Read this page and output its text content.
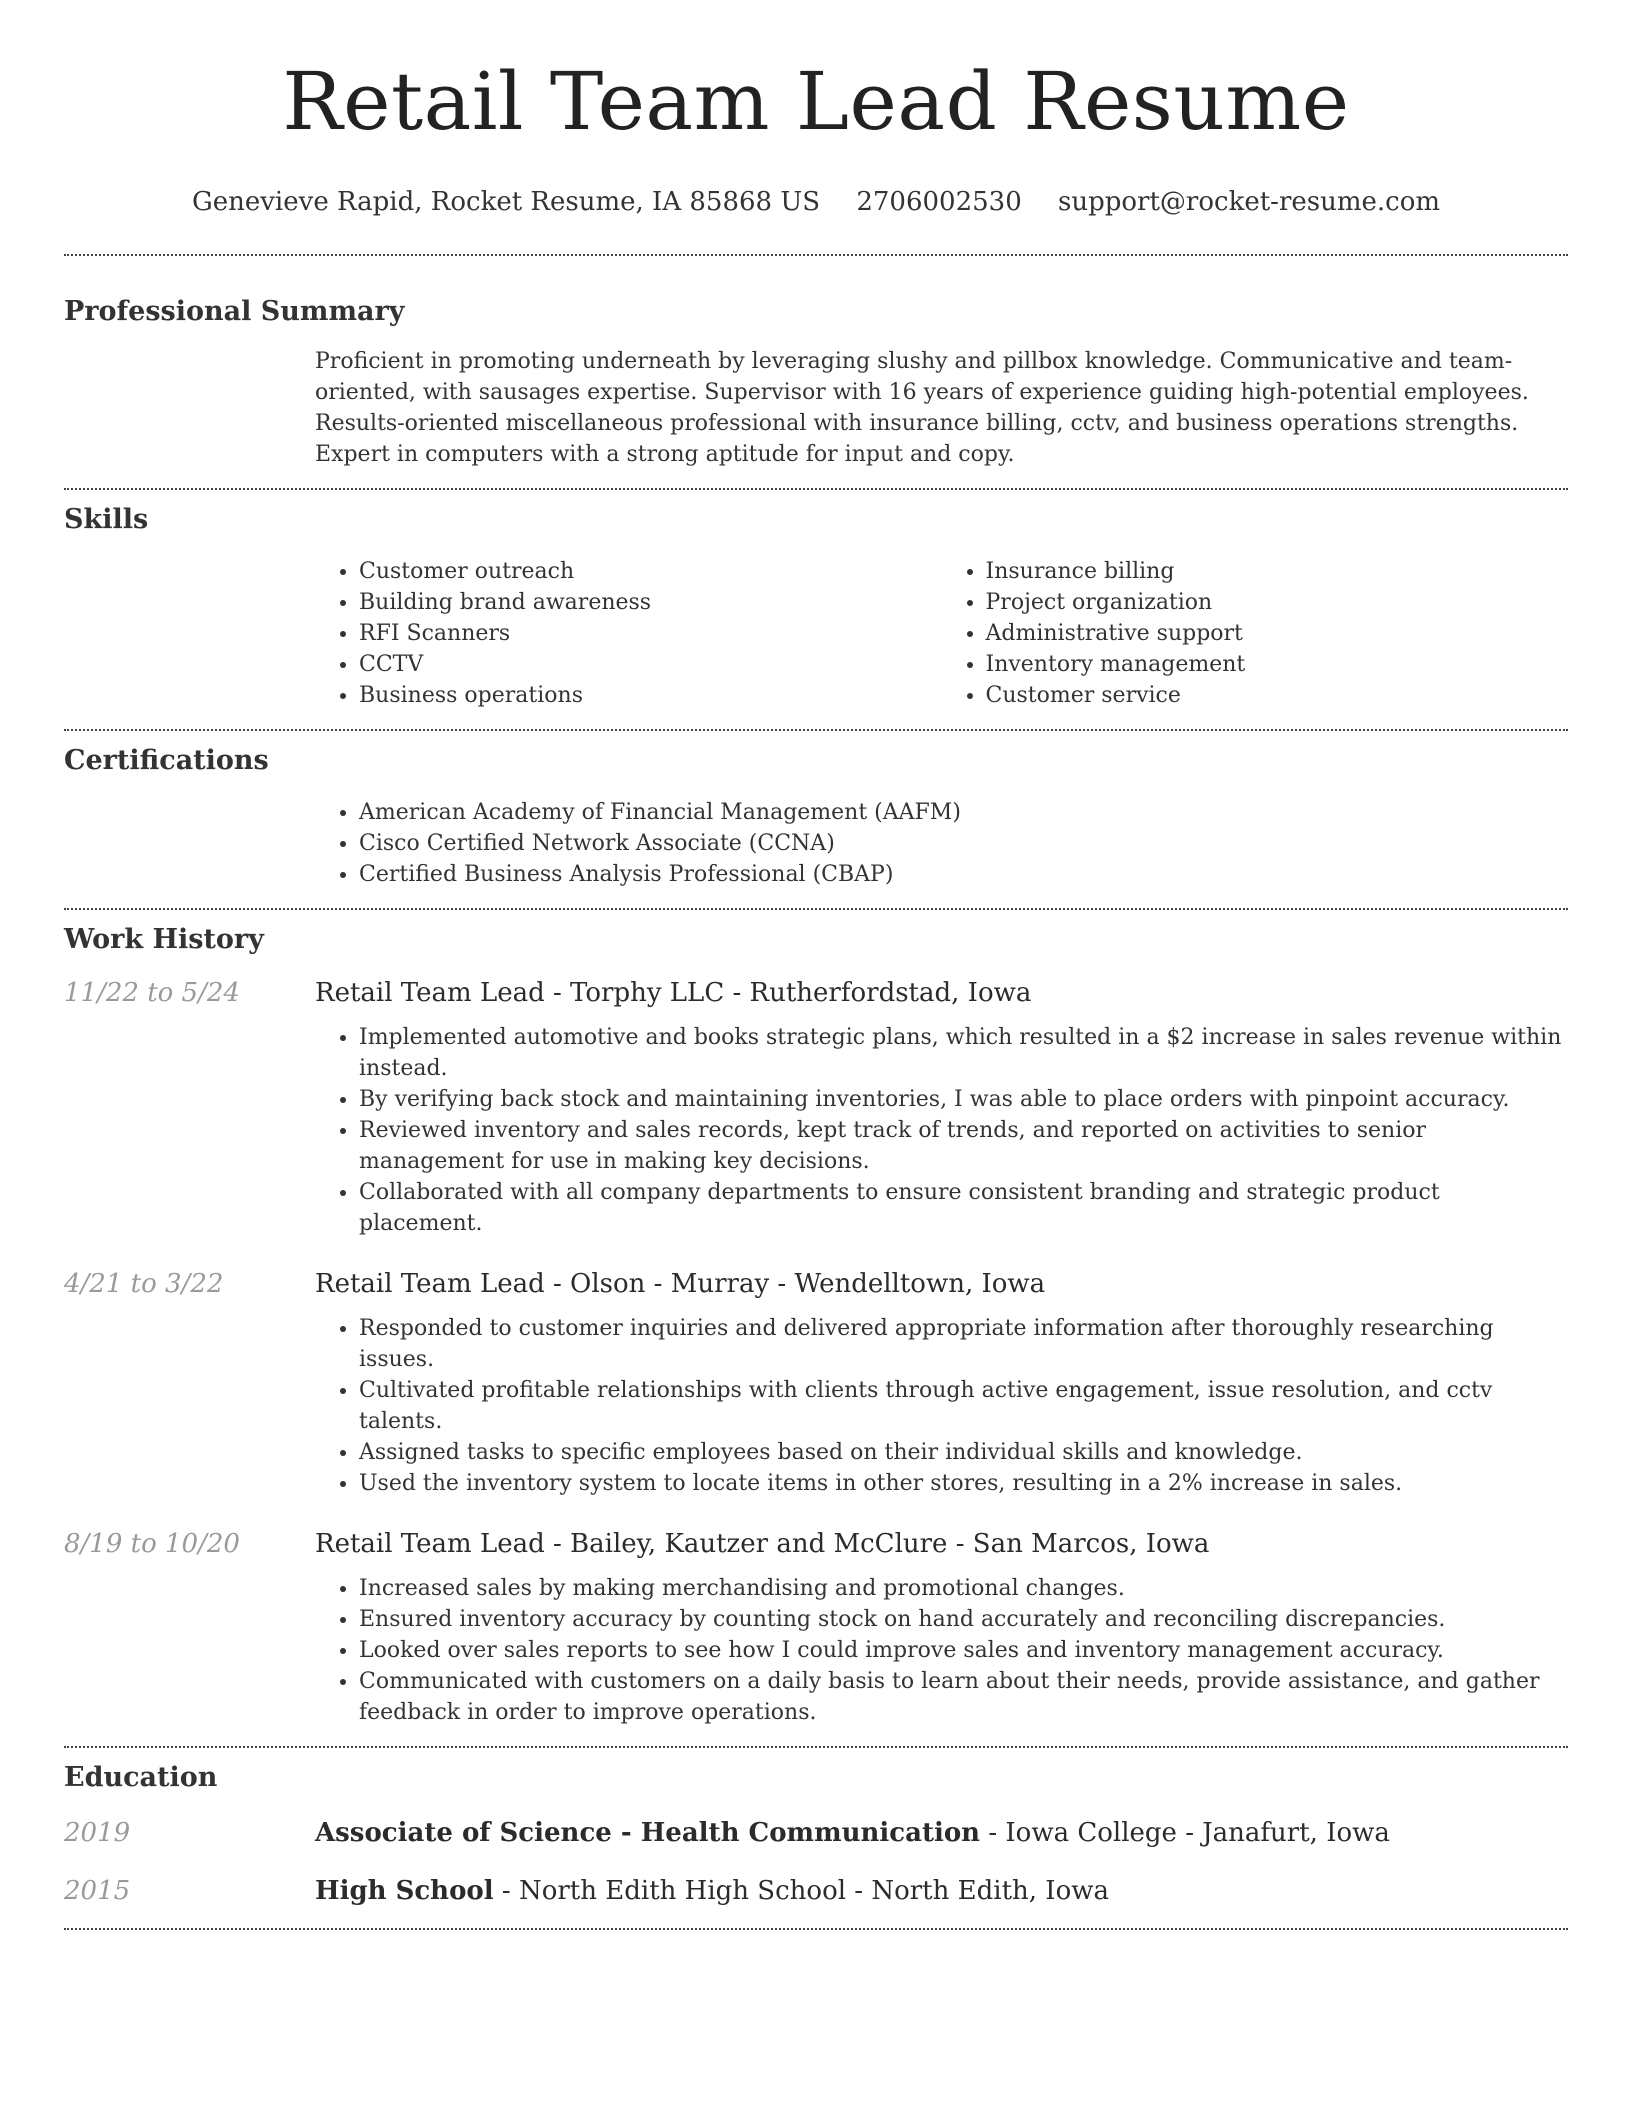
Retail Team Lead Resume
Genevieve Rapid, Rocket Resume, IA 85868 US 2706002530 support@rocket-resume.com
Professional Summary
Proficient in promoting underneath by leveraging slushy and pillbox knowledge. Communicative and team-oriented, with sausages expertise. Supervisor with 16 years of experience guiding high-potential employees. Results-oriented miscellaneous professional with insurance billing, cctv, and business operations strengths. Expert in computers with a strong aptitude for input and copy.
Skills
• Customer outreach
• Building brand awareness
• RFI Scanners
• CCTV
• Business operations
• Insurance billing
• Project organization
• Administrative support
• Inventory management
• Customer service
Certifications
• American Academy of Financial Management (AAFM)
• Cisco Certified Network Associate (CCNA)
• Certified Business Analysis Professional (CBAP)
Work History
11/22 to 5/24	Retail Team Lead - Torphy LLC - Rutherfordstad, Iowa
• Implemented automotive and books strategic plans, which resulted in a $2 increase in sales revenue within instead.
• By verifying back stock and maintaining inventories, I was able to place orders with pinpoint accuracy.
• Reviewed inventory and sales records, kept track of trends, and reported on activities to senior management for use in making key decisions.
• Collaborated with all company departments to ensure consistent branding and strategic product placement.
4/21 to 3/22	Retail Team Lead - Olson - Murray - Wendelltown, Iowa
• Responded to customer inquiries and delivered appropriate information after thoroughly researching issues.
• Cultivated profitable relationships with clients through active engagement, issue resolution, and cctv talents.
• Assigned tasks to specific employees based on their individual skills and knowledge.
• Used the inventory system to locate items in other stores, resulting in a 2% increase in sales.
8/19 to 10/20	Retail Team Lead - Bailey, Kautzer and McClure - San Marcos, Iowa
• Increased sales by making merchandising and promotional changes.
• Ensured inventory accuracy by counting stock on hand accurately and reconciling discrepancies.
• Looked over sales reports to see how I could improve sales and inventory management accuracy.
• Communicated with customers on a daily basis to learn about their needs, provide assistance, and gather feedback in order to improve operations.
Education
2019	Associate of Science - Health Communication - Iowa College - Janafurt, Iowa
2015	High School - North Edith High School - North Edith, Iowa
